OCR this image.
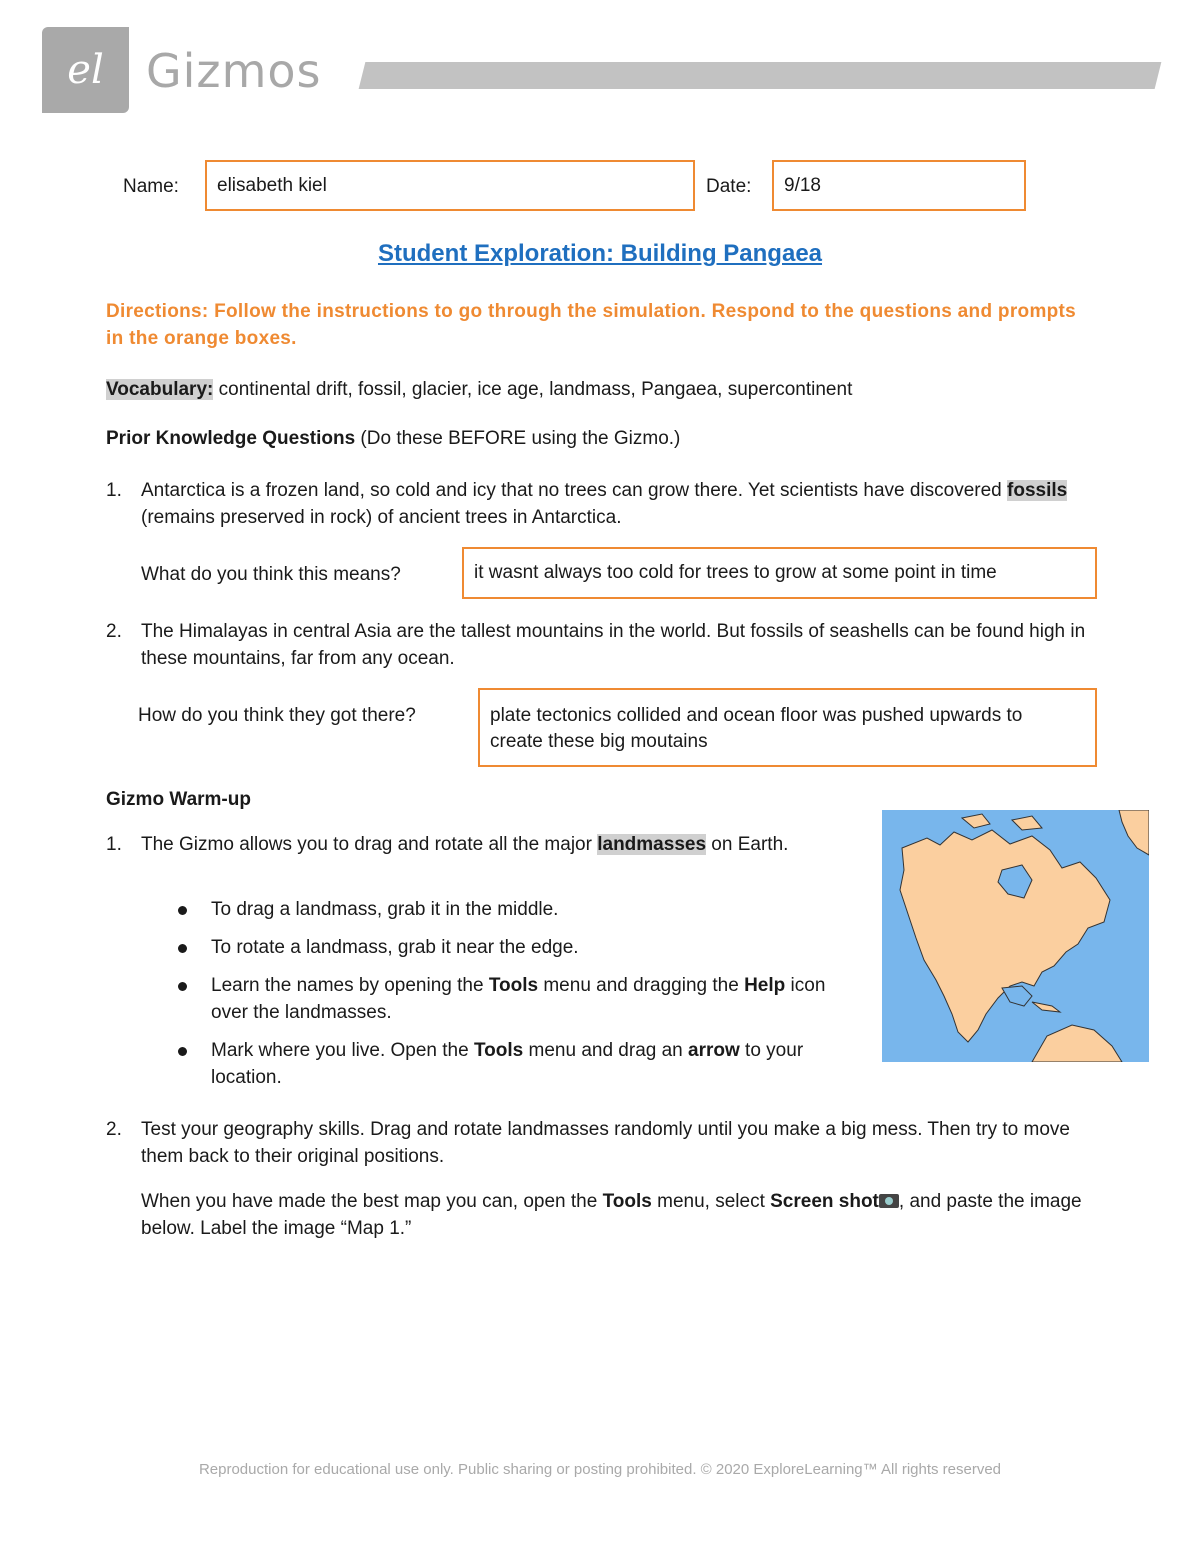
el Gizmos
Name:	elisabeth kiel	Date:	9/18
Student Exploration: Building Pangaea
Directions: Follow the instructions to go through the simulation. Respond to the questions and prompts in the orange boxes.
Vocabulary: continental drift, fossil, glacier, ice age, landmass, Pangaea, supercontinent
Prior Knowledge Questions (Do these BEFORE using the Gizmo.)
1. Antarctica is a frozen land, so cold and icy that no trees can grow there. Yet scientists have discovered fossils (remains preserved in rock) of ancient trees in Antarctica.
What do you think this means?	it wasnt always too cold for trees to grow at some point in time
2. The Himalayas in central Asia are the tallest mountains in the world. But fossils of seashells can be found high in these mountains, far from any ocean.
How do you think they got there?	plate tectonics collided and ocean floor was pushed upwards to create these big moutains
Gizmo Warm-up
1. The Gizmo allows you to drag and rotate all the major landmasses on Earth.
To drag a landmass, grab it in the middle.
To rotate a landmass, grab it near the edge.
Learn the names by opening the Tools menu and dragging the Help icon over the landmasses.
Mark where you live. Open the Tools menu and drag an arrow to your location.
2. Test your geography skills. Drag and rotate landmasses randomly until you make a big mess. Then try to move them back to their original positions.
When you have made the best map you can, open the Tools menu, select Screen shot , and paste the image below. Label the image “Map 1.”
Reproduction for educational use only. Public sharing or posting prohibited. © 2020 ExploreLearning™ All rights reserved
